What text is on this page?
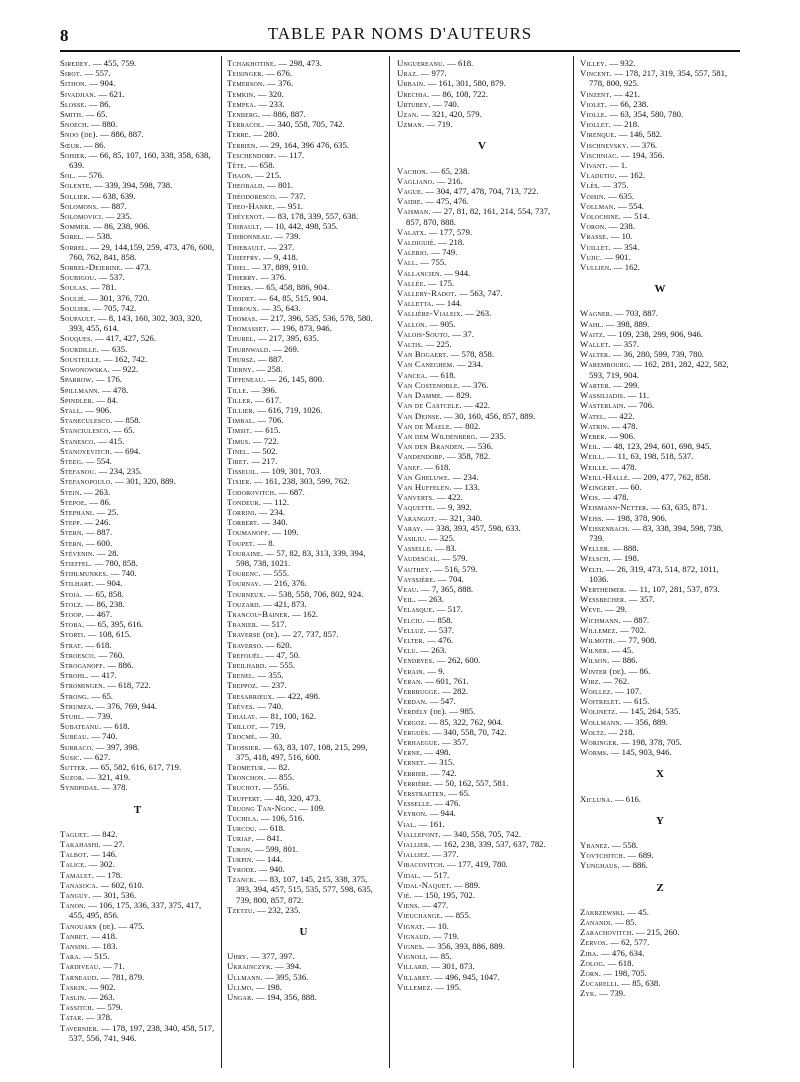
8	TABLE PAR NOMS D'AUTEURS
Siredey. — 455, 759.
Sirot. — 557.
Sithon. — 904.
Sivadjian. — 621.
Slosse. — 86.
Smith. — 65.
Snoech. — 880.
Snoo (de). — 886, 887.
Sœur. — 86.
Sohier. — 66, 85, 107, 160, 338, 358, 638, 639.
Sol. — 576.
Solente. — 339, 394, 598, 738.
Sollier. — 638, 639.
Solomons. — 887.
Solomovici. — 235.
Sommer. — 86, 238, 906.
Sorel. — 538.
Sorrel. — 29, 144,159, 259, 473, 476, 600, 760, 762, 841, 858.
Sorrel-Dejerine. — 473.
Soubigou. — 537.
Soulas. — 781.
Soulié. — 301, 376, 720.
Soulier. — 705, 742.
Soupault. — 8, 143, 160, 302, 303, 320, 393, 455, 614.
Souques. — 417, 427, 526.
Sourdille. — 635.
Sousteille. — 162, 742.
Sowonowska. — 922.
Sparrow. — 176.
Spillmann. — 478.
Spindler. — 84.
Stall. — 906.
Staneculesco. — 858.
Stanciulesco. — 65.
Stanesco. — 415.
Stanoyevitch. — 694.
Steeg. — 554.
Stefanou. — 234, 235.
Stefanopoulo. — 301, 320, 889.
Stein. — 263.
Stepoe. — 86.
Stephani. — 25.
Stepp. — 246.
Stern. — 887.
Stern. — 600.
Stévenin. — 28.
Stieffel. — 780, 858.
Stihlmunkes. — 740.
Stilhart. — 904.
Stoia. — 65, 858.
Stolz. — 86, 238.
Stoop. — 467.
Stoba. — 65, 395, 616.
Storti. — 108, 615.
Strat. — 618.
Stroesco. — 760.
Stroganoff. — 886.
Strohl. — 417.
Stromingen. — 618, 722.
Strong. — 65.
Strumza. — 376, 769, 944.
Stuhl. — 739.
Subateanu. — 618.
Subeau. — 740.
Surraco. — 397, 398.
Susic. — 627.
Sutter. — 65, 582, 616, 617, 719.
Suzor. — 321, 419.
Syndpidas. — 378.
T
Taguet. — 842.
Takahashi. — 27.
Talbot. — 146.
Talice. — 302.
Tamalet. — 178.
Tanasoca. — 602, 610.
Tanguy. — 301, 536.
Tanon. — 106, 175, 336, 337, 375, 417, 455, 495, 856.
Tanouarn (de). — 475.
Tanret. — 418.
Tansini. — 183.
Tara. — 515.
Tardiveau. — 71.
Tarneaud. — 781, 879.
Taskin. — 902.
Taslin. — 263.
Tassitch. — 579.
Tatar. — 378.
Tavernier. — 178, 197, 238, 340, 458, 517, 537, 556, 741, 946.
Tchakhotine. — 298, 473.
Teisinger. — 676.
Temerson. — 376.
Temkin. — 320.
Tempea. — 233.
Tenberg. — 886, 887.
Terracol. — 340, 558, 705, 742.
Terre. — 280.
Terrien. — 29, 164, 396 476, 635.
Teschendorf. — 117.
Tête. — 658.
Thaon. — 215.
Theobald. — 801.
Théodoresco. — 737.
Theo-Hanke. — 951.
Thévenot. — 83, 178, 339, 557, 638.
Thibault. — 10, 442, 498, 535.
Thibonneau. — 739.
Thiebault. — 237.
Thieffry. — 9, 418.
Thiel. — 37, 889, 910.
Thierry. — 376.
Thiers. — 65, 458, 886, 904.
Thodet. — 64, 85, 515, 904.
Thiroux. — 35, 643.
Thomas. — 217, 396, 535, 536, 578, 580.
Thomasset. — 196, 873, 946.
Thurel. — 217, 395, 635.
Thurnwald. — 269.
Thursz. — 887.
Tierny. — 258.
Tiffeneau. — 26, 145, 800.
Tille. — 396.
Tiller. — 617.
Tillier. — 616, 719, 1026.
Timbal. — 706.
Timsit. — 615.
Timus. — 722.
Tinel. — 502.
Tiret. — 217.
Tisseuil. — 109, 301, 703.
Tixier. — 161, 238, 303, 599, 762.
Todorovitch. — 687.
Tondeur. — 112.
Torrini. — 234.
Torbert. — 340.
Toumanoff. — 109.
Toupet. — 8.
Touraine. — 57, 82, 83, 313, 339, 394, 598, 738, 1021.
Tourenc. — 555.
Tournay. — 216, 376.
Tourneux. — 538, 558, 706, 802, 924.
Touzard. — 421, 873.
Trancou-Bainer. — 162.
Tranier. — 517.
Traverse (de). — 27, 737, 857.
Traverso. — 620.
Trefouël. — 47, 50.
Treilhard. — 555.
Trenel. — 355.
Treppoz. — 237.
Tresarrieux. — 422, 498.
Trèves. — 740.
Trialat. — 81, 100, 162.
Trillot. — 719.
Trocmé. — 30.
Trossier. — 63, 83, 107, 108, 215, 299, 375, 418, 497, 516, 600.
Trometur. — 82.
Tronchon. — 855.
Truchot. — 556.
Truffert. — 48, 320, 473.
Truong Tan-Ngoc. — 109.
Tuchila. — 106, 516.
Turcou. — 618.
Turiaf. — 841.
Turon. — 599, 801.
Turpin. — 144.
Tyrode. — 940.
Tzanck. — 83, 107, 145, 215, 338, 375, 393, 394, 457, 515, 535, 577, 598, 635, 739, 800, 857, 872.
Tzetzu. — 232, 235.
U
Uhry. — 377, 397.
Ukrainczyk. — 394.
Ullmann. — 395, 536.
Ullmo. — 198.
Ungar. — 194, 356, 888.
Unguereanu. — 618.
Uraz. — 977.
Urbain. — 161, 301, 580, 879.
Urechia. — 86, 108, 722.
Urtubey. — 740.
Uzan. — 321, 420, 579.
Uzman. — 719.
V
Vachon. — 65, 238.
Vagliano. — 216.
Vague. — 304, 477, 478, 704, 713, 722.
Vaidie. — 475, 476.
Vaisman. — 27, 81, 82, 161, 214, 554, 737, 857, 870, 888.
Valatx. — 177, 579.
Valdiguié. — 218.
Valerio. — 749.
Vall. — 755.
Vallancien. — 944.
Vallée. — 175.
Vallery-Radot. — 563, 747.
Valletta. — 144.
Vallière-Vialeix. — 263.
Vallon. — 905.
Valois-Souto. — 37.
Valtis. — 225.
Van Bogaert. — 578, 858.
Van Caneghem. — 234.
Vancea. — 618.
Van Costenoble. — 376.
Van Damme. — 829.
Van de Castcele. — 422.
Van Deinse. — 30, 160, 456, 857, 889.
Van de Maele. — 802.
Van dem Wildenberg. — 235.
Van den Branden. — 536.
Vandendorp. — 358, 782.
Vanef. — 618.
Van Gheluwe. — 234.
Van Huffelen. — 133.
Vanverts. — 422.
Vaquette. — 9, 392.
Varangot. — 321, 340.
Varay. — 338, 393, 457, 598, 633.
Vasiliu. — 325.
Vasselle. — 83.
Vaudescal. — 579.
Vauthey. — 516, 579.
Vayssière. — 704.
Veau. — 7, 365, 888.
Veil. — 263.
Velasque. — 517.
Velciu. — 858.
Velluz. — 537.
Velter. — 476.
Velu. — 263.
Vendryes. — 262, 600.
Verain. — 9.
Veran. — 601, 761.
Verbrugge. — 282.
Verdan. — 547.
Verdély (de). — 985.
Vergoz. — 85, 322, 762, 904.
Vergués. — 340, 558, 70, 742.
Verhaegue. — 357.
Verne. — 498.
Vernet. — 315.
Verrier. — 742.
Verrière. — 50, 162, 557, 581.
Verstraeten. — 65.
Vesselle. — 476.
Veyron. — 944.
Vial. — 161.
Viallefont. — 340, 558, 705, 742.
Viallier. — 162, 238, 339, 537, 637, 782.
Vialliez. — 377.
Vibacovitch. — 177, 419, 780.
Vidal. — 517.
Vidal-Naquet. — 889.
Vié. — 150, 195, 702.
Viens. — 477.
Vieuchange. — 855.
Vignat. — 10.
Vignaud. — 719.
Vignes. — 356, 393, 886, 889.
Vignoli. — 85.
Villard. — 301, 873.
Villaret. — 496, 945, 1047.
Villemez. — 195.
Villey. — 932.
Vincent. — 178, 217, 319, 354, 557, 581, 778, 800, 925.
Vinzent. — 421.
Violet. — 66, 238.
Violle. — 63, 354, 580, 780.
Viollet. — 218.
Virenque. — 146, 582.
Vischnevsky. — 376.
Vischniac. — 194, 356.
Vivant. — 1.
Vladutiu. — 162.
Vlès. — 375.
Voisin. — 635.
Vollman. — 554.
Volochine. — 514.
Voron. — 238.
Vrasse. — 10.
Vuillet. — 354.
Vujic. — 901.
Vullien. — 162.
W
Wagner. — 703, 887.
Wahl. — 398, 889.
Waitz. — 109, 238, 299, 906, 946.
Wallet. — 357.
Walter. — 36, 280, 599, 739, 780.
Warembourg. — 162, 281, 282, 422, 582, 593, 719, 904.
Warter. — 299.
Wassiliadis. — 11.
Wasterlain. — 706.
Watel. — 422.
Watrin. — 478.
Weber. — 906.
Weil. — 48, 123, 294, 601, 698, 945.
Weill. — 11, 63, 198, 518, 537.
Weille. — 478.
Weill-Hallé. — 209, 477, 762, 858.
Weingert. — 60.
Weis. — 478.
Weismann-Netter. — 63, 635, 871.
Weiss. — 198, 378, 906.
Weissenbach. — 83, 338, 394, 598, 738, 739.
Weller. — 888.
Welsch. — 198.
Welti. — 26, 319, 473, 514, 872, 1011, 1036.
Wertheimer. — 11, 107, 281, 537, 873.
Wessbecher. — 357.
Weve. — 29.
Wichmann. — 887.
Willemez. — 702.
Wilmoth. — 77, 908.
Wilner. — 45.
Wilson. — 886.
Winter (de). — 86.
Wirz. — 762.
Woillez. — 107.
Woitrelet. — 615.
Wolinetz. — 145, 264, 535.
Wollmann. — 356, 889.
Woltz. — 218.
Woringer. — 198, 378, 705.
Worms. — 145, 903, 946.
X
Xicluna. — 616.
Y
Ybanez. — 558.
Yovtchitch. — 689.
Yunghaus. — 886.
Z
Zakrzewski. — 45.
Zanandi. — 85.
Zarachovitch. — 215, 260.
Zervos. — 62, 577.
Ziba. — 476, 634.
Zolog. — 618.
Zorn. — 198, 705.
Zucarelli. — 85, 638.
Zyk. — 739.
